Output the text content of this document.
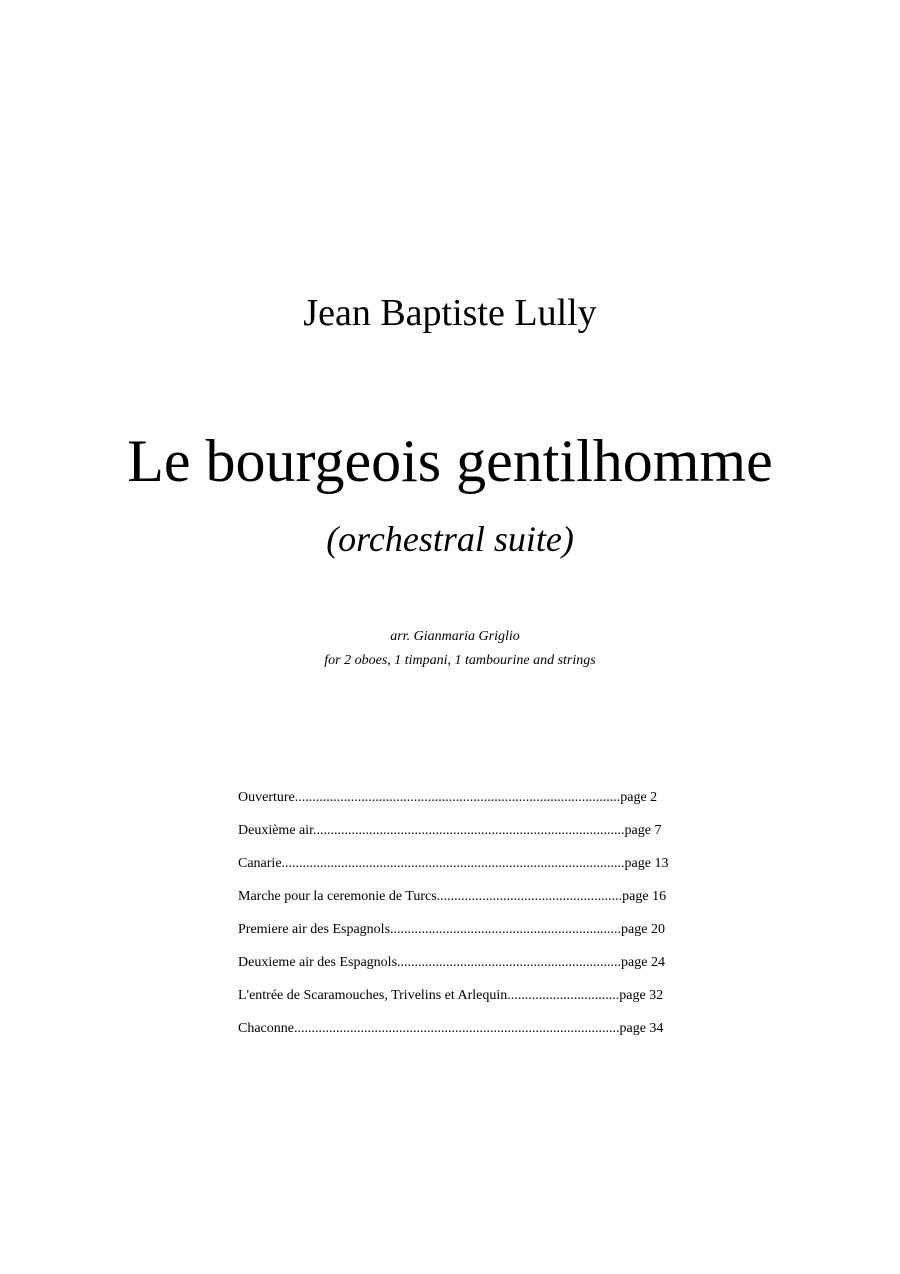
Jean Baptiste Lully
Le bourgeois gentilhomme
(orchestral suite)
arr. Gianmaria Griglio
for 2 oboes, 1 timpani, 1 tambourine and strings
Ouverture.............................................................................................page 2
Deuxième air.........................................................................................page 7
Canarie..................................................................................................page 13
Marche pour la ceremonie de Turcs.....................................................page 16
Premiere air des Espagnols..................................................................page 20
Deuxieme air des Espagnols................................................................page 24
L'entrée de Scaramouches, Trivelins et Arlequin................................page 32
Chaconne.............................................................................................page 34
